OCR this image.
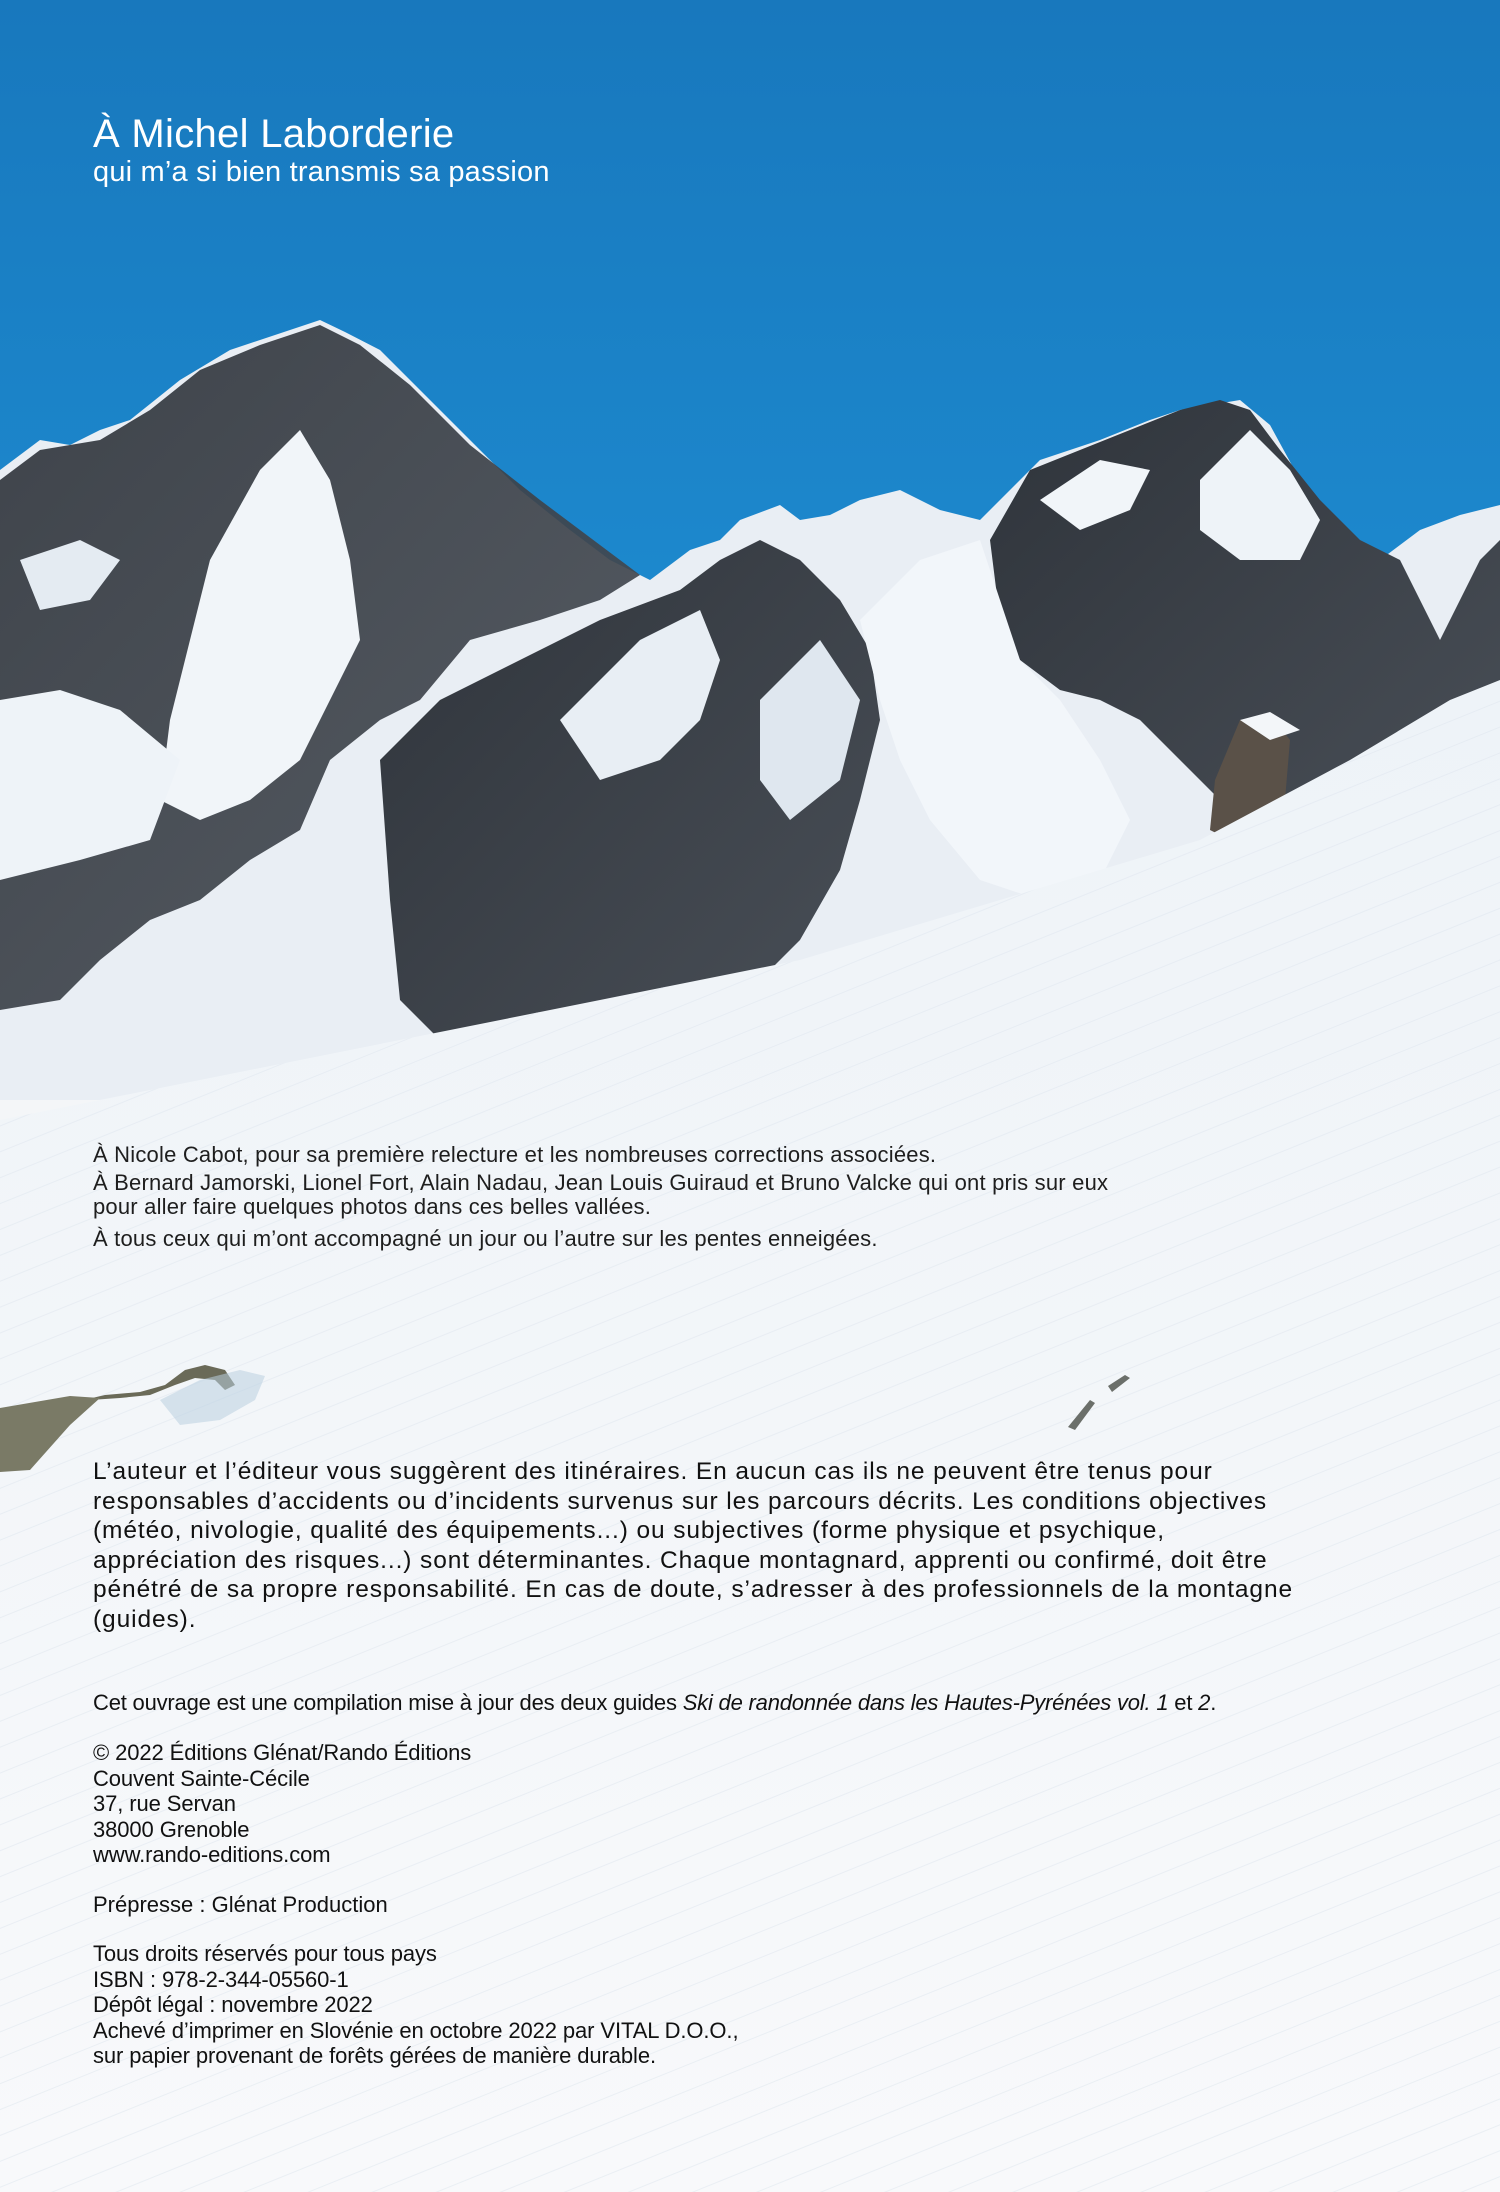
À Michel Laborderie

qui m’a si bien transmis sa passion

À Nicole Cabot, pour sa première relecture et les nombreuses corrections associées.
À Bernard Jamorski, Lionel Fort, Alain Nadau, Jean Louis Guiraud et Bruno Valcke qui ont pris sur eux
pour aller faire quelques photos dans ces belles vallées.
À tous ceux qui m’ont accompagné un jour ou l’autre sur les pentes enneigées.
L’auteur et l’éditeur vous suggèrent des itinéraires. En aucun cas ils ne peuvent être tenus pour
responsables d’accidents ou d’incidents survenus sur les parcours décrits. Les conditions objectives
(météo, nivologie, qualité des équipements...) ou subjectives (forme physique et psychique,
appréciation des risques...) sont déterminantes. Chaque montagnard, apprenti ou confirmé, doit être
pénétré de sa propre responsabilité. En cas de doute, s’adresser à des professionnels de la montagne
(guides).

Cet ouvrage est une compilation mise à jour des deux guides Ski de randonnée dans les Hautes-Pyrénées vol. 1 et 2.

© 2022 Éditions Glénat/Rando Éditions
Couvent Sainte-Cécile
37, rue Servan
38000 Grenoble
www.rando-editions.com

Prépresse : Glénat Production

Tous droits réservés pour tous pays
ISBN : 978-2-344-05560-1
Dépôt légal : novembre 2022
Achevé d’imprimer en Slovénie en octobre 2022 par VITAL D.O.O.,
sur papier provenant de forêts gérées de manière durable.
